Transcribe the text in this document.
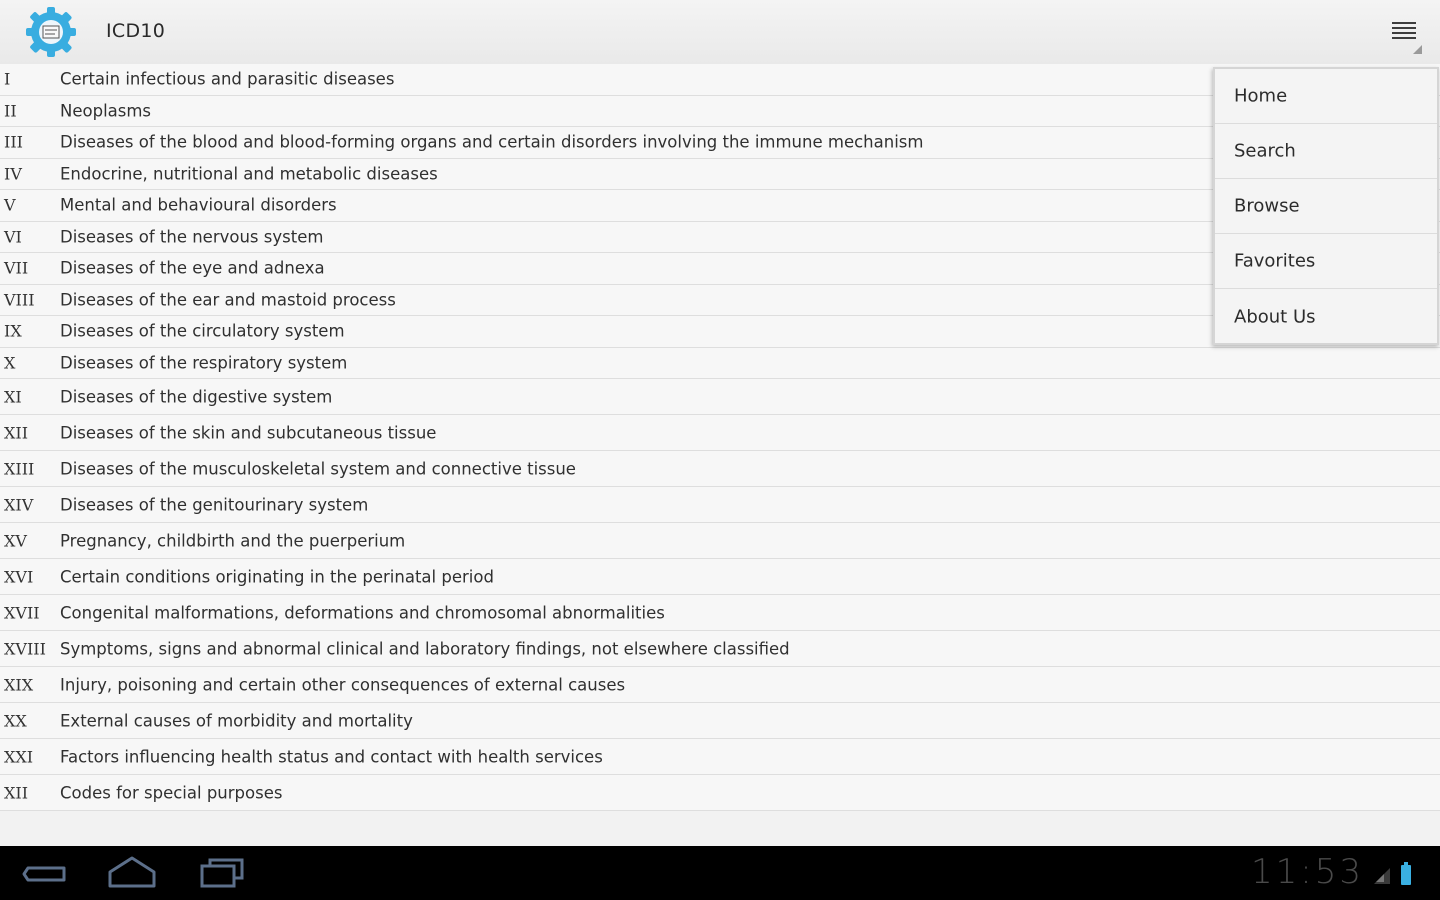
ICD10
I	Certain infectious and parasitic diseases
II	Neoplasms
III Diseases of the blood and blood-forming organs and certain disorders involving the immune mechanism
IV Endocrine, nutritional and metabolic diseases
V	Mental and behavioural disorders
VI Diseases of the nervous system
VII Diseases of the eye and adnexa
VIII Diseases of the ear and mastoid process
IX Diseases of the circulatory system
X	Diseases of the respiratory system
XI Diseases of the digestive system
XII Diseases of the skin and subcutaneous tissue
XIII Diseases of the musculoskeletal system and connective tissue
XIV Diseases of the genitourinary system
XV Pregnancy, childbirth and the puerperium
XVI Certain conditions originating in the perinatal period
XVII Congenital malformations, deformations and chromosomal abnormalities
XVIII Symptoms, signs and abnormal clinical and laboratory findings, not elsewhere classified
XIX Injury, poisoning and certain other consequences of external causes
XX External causes of morbidity and mortality
XXI Factors influencing health status and contact with health services
XII Codes for special purposes
Home
Search
Browse
Favorites
About Us
11:53
